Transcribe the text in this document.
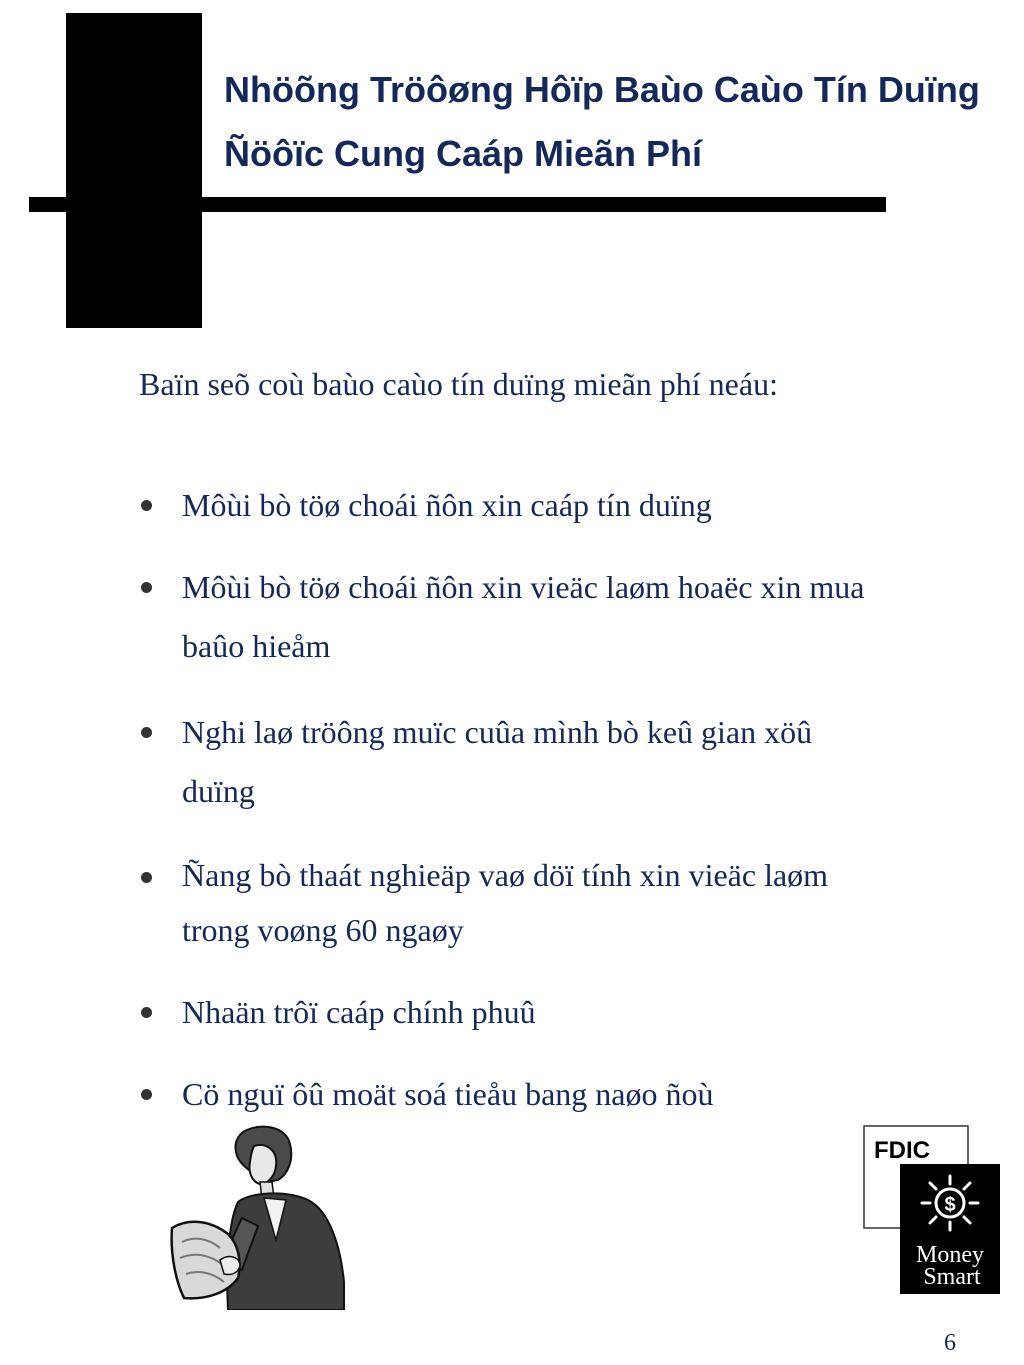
Nhöõng Tröôøng Hôïp Baùo Caùo Tín Duïng
Ñöôïc Cung Caáp Mieãn Phí

Baïn seõ coù baùo caùo tín duïng mieãn phí neáu:

Môùi bò töø choái ñôn xin caáp tín duïng
Môùi bò töø choái ñôn xin vieäc laøm hoaëc xin mua
baûo hieåm
Nghi laø tröông muïc cuûa mình bò keû gian xöû
duïng
Ñang bò thaát nghieäp vaø döï tính xin vieäc laøm
trong voøng 60 ngaøy
Nhaän trôï caáp chính phuû
Cö nguï ôû moät soá tieåu bang naøo ñoù
FDIC
$
Money
Smart
6
